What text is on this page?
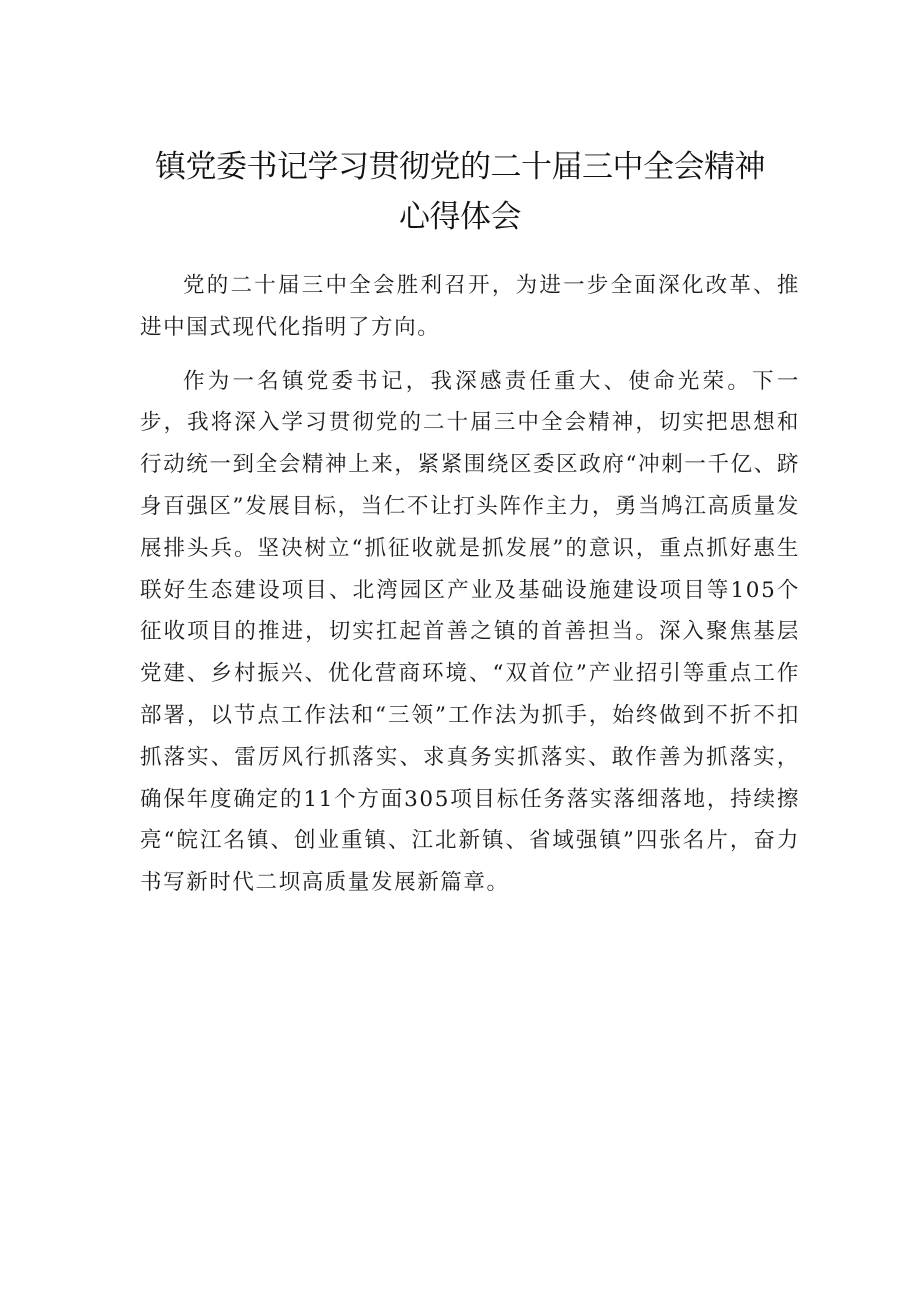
镇党委书记学习贯彻党的二十届三中全会精神
心得体会

党的二十届三中全会胜利召开，为进一步全面深化改革、推进中国式现代化指明了方向。

作为一名镇党委书记，我深感责任重大、使命光荣。下一步，我将深入学习贯彻党的二十届三中全会精神，切实把思想和行动统一到全会精神上来，紧紧围绕区委区政府“冲刺一千亿、跻身百强区”发展目标，当仁不让打头阵作主力，勇当鸠江高质量发展排头兵。坚决树立“抓征收就是抓发展”的意识，重点抓好惠生联好生态建设项目、北湾园区产业及基础设施建设项目等105个征收项目的推进，切实扛起首善之镇的首善担当。深入聚焦基层党建、乡村振兴、优化营商环境、“双首位”产业招引等重点工作部署，以节点工作法和“三领”工作法为抓手，始终做到不折不扣抓落实、雷厉风行抓落实、求真务实抓落实、敢作善为抓落实，确保年度确定的11个方面305项目标任务落实落细落地，持续擦亮“皖江名镇、创业重镇、江北新镇、省域强镇”四张名片，奋力书写新时代二坝高质量发展新篇章。
